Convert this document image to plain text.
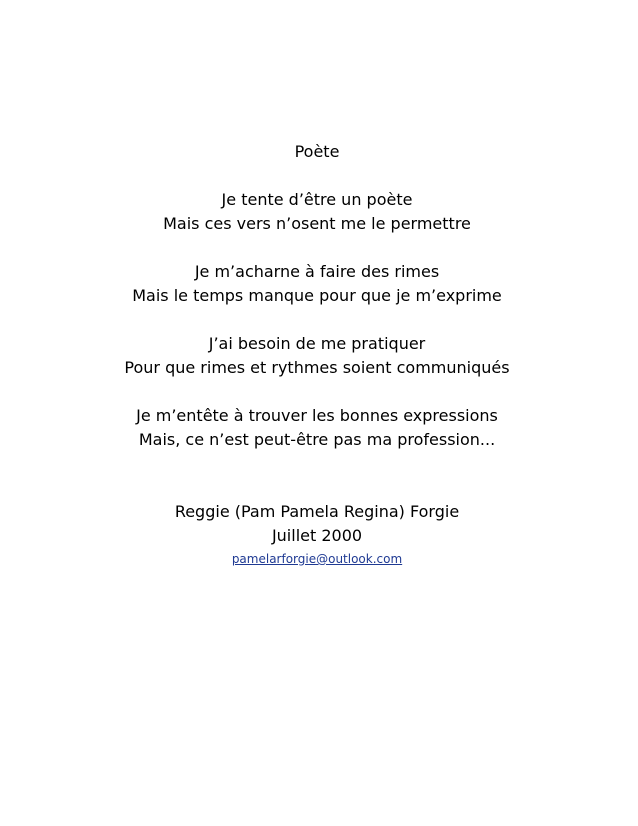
Poète
Je tente d’être un poète
Mais ces vers n’osent me le permettre
Je m’acharne à faire des rimes
Mais le temps manque pour que je m’exprime
J’ai besoin de me pratiquer
Pour que rimes et rythmes soient communiqués
Je m’entête à trouver les bonnes expressions
Mais, ce n’est peut-être pas ma profession...
Reggie (Pam Pamela Regina) Forgie
Juillet 2000
pamelarforgie@outlook.com
